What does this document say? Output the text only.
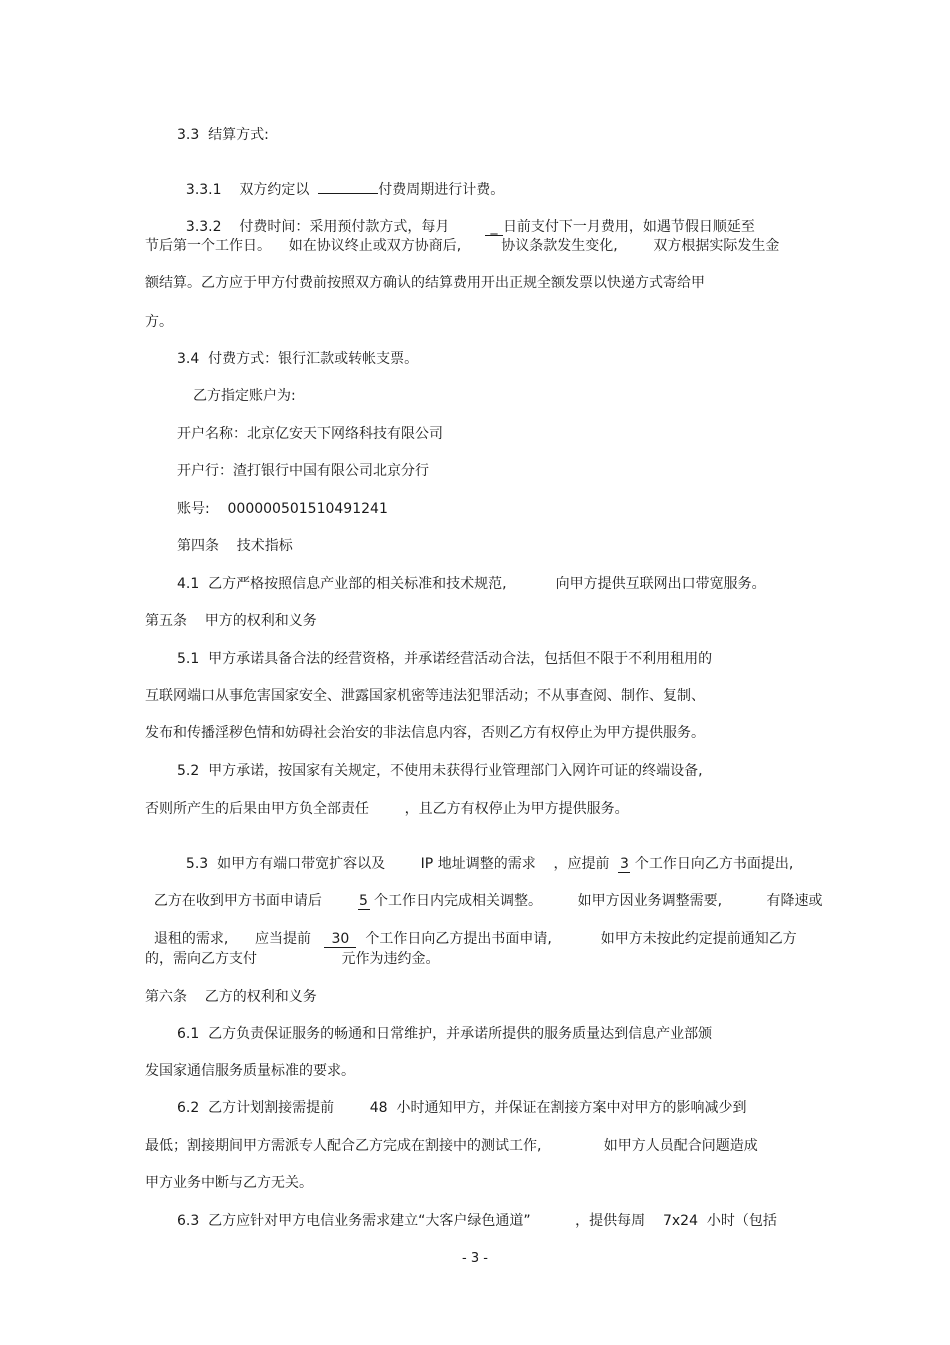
3.3  结算方式:

3.3.1    双方约定以	付费周期进行计费。

3.3.2    付费时间：采用预付款方式，每月        _ 日前支付下一月费用，如遇节假日顺延至

节后第一个工作日。    如在协议终止或双方协商后,         协议条款发生变化,        双方根据实际发生金
额结算。乙方应于甲方付费前按照双方确认的结算费用开出正规全额发票以快递方式寄给甲
方。
3.4  付费方式：银行汇款或转帐支票。
乙方指定账户为:
开户名称：北京亿安天下网络科技有限公司
开户行：渣打银行中国有限公司北京分行
账号:    000000501510491241
第四条    技术指标
4.1  乙方严格按照信息产业部的相关标准和技术规范,           向甲方提供互联网出口带宽服务。
第五条    甲方的权利和义务
5.1  甲方承诺具备合法的经营资格，并承诺经营活动合法，包括但不限于不利用租用的
互联网端口从事危害国家安全、泄露国家机密等违法犯罪活动；不从事查阅、制作、复制、
发布和传播淫秽色情和妨碍社会治安的非法信息内容，否则乙方有权停止为甲方提供服务。
5.2  甲方承诺，按国家有关规定，不使用未获得行业管理部门入网许可证的终端设备,
否则所产生的后果由甲方负全部责任        ，且乙方有权停止为甲方提供服务。

5.3  如甲方有端口带宽扩容以及        IP 地址调整的需求    ，应提前  3 个工作日向乙方书面提出,

乙方在收到甲方书面申请后        5 个工作日内完成相关调整。        如甲方因业务调整需要,          有降速或

退租的需求,      应当提前   30  个工作日向乙方提出书面申请,           如甲方未按此约定提前通知乙方

的，需向乙方支付                   元作为违约金。
第六条    乙方的权利和义务
6.1  乙方负责保证服务的畅通和日常维护，并承诺所提供的服务质量达到信息产业部颁
发国家通信服务质量标准的要求。
6.2  乙方计划割接需提前        48  小时通知甲方，并保证在割接方案中对甲方的影响减少到
最低；割接期间甲方需派专人配合乙方完成在割接中的测试工作,              如甲方人员配合问题造成
甲方业务中断与乙方无关。
6.3  乙方应针对甲方电信业务需求建立“大客户绿色通道”          ，提供每周    7x24  小时（包括
- 3 -
